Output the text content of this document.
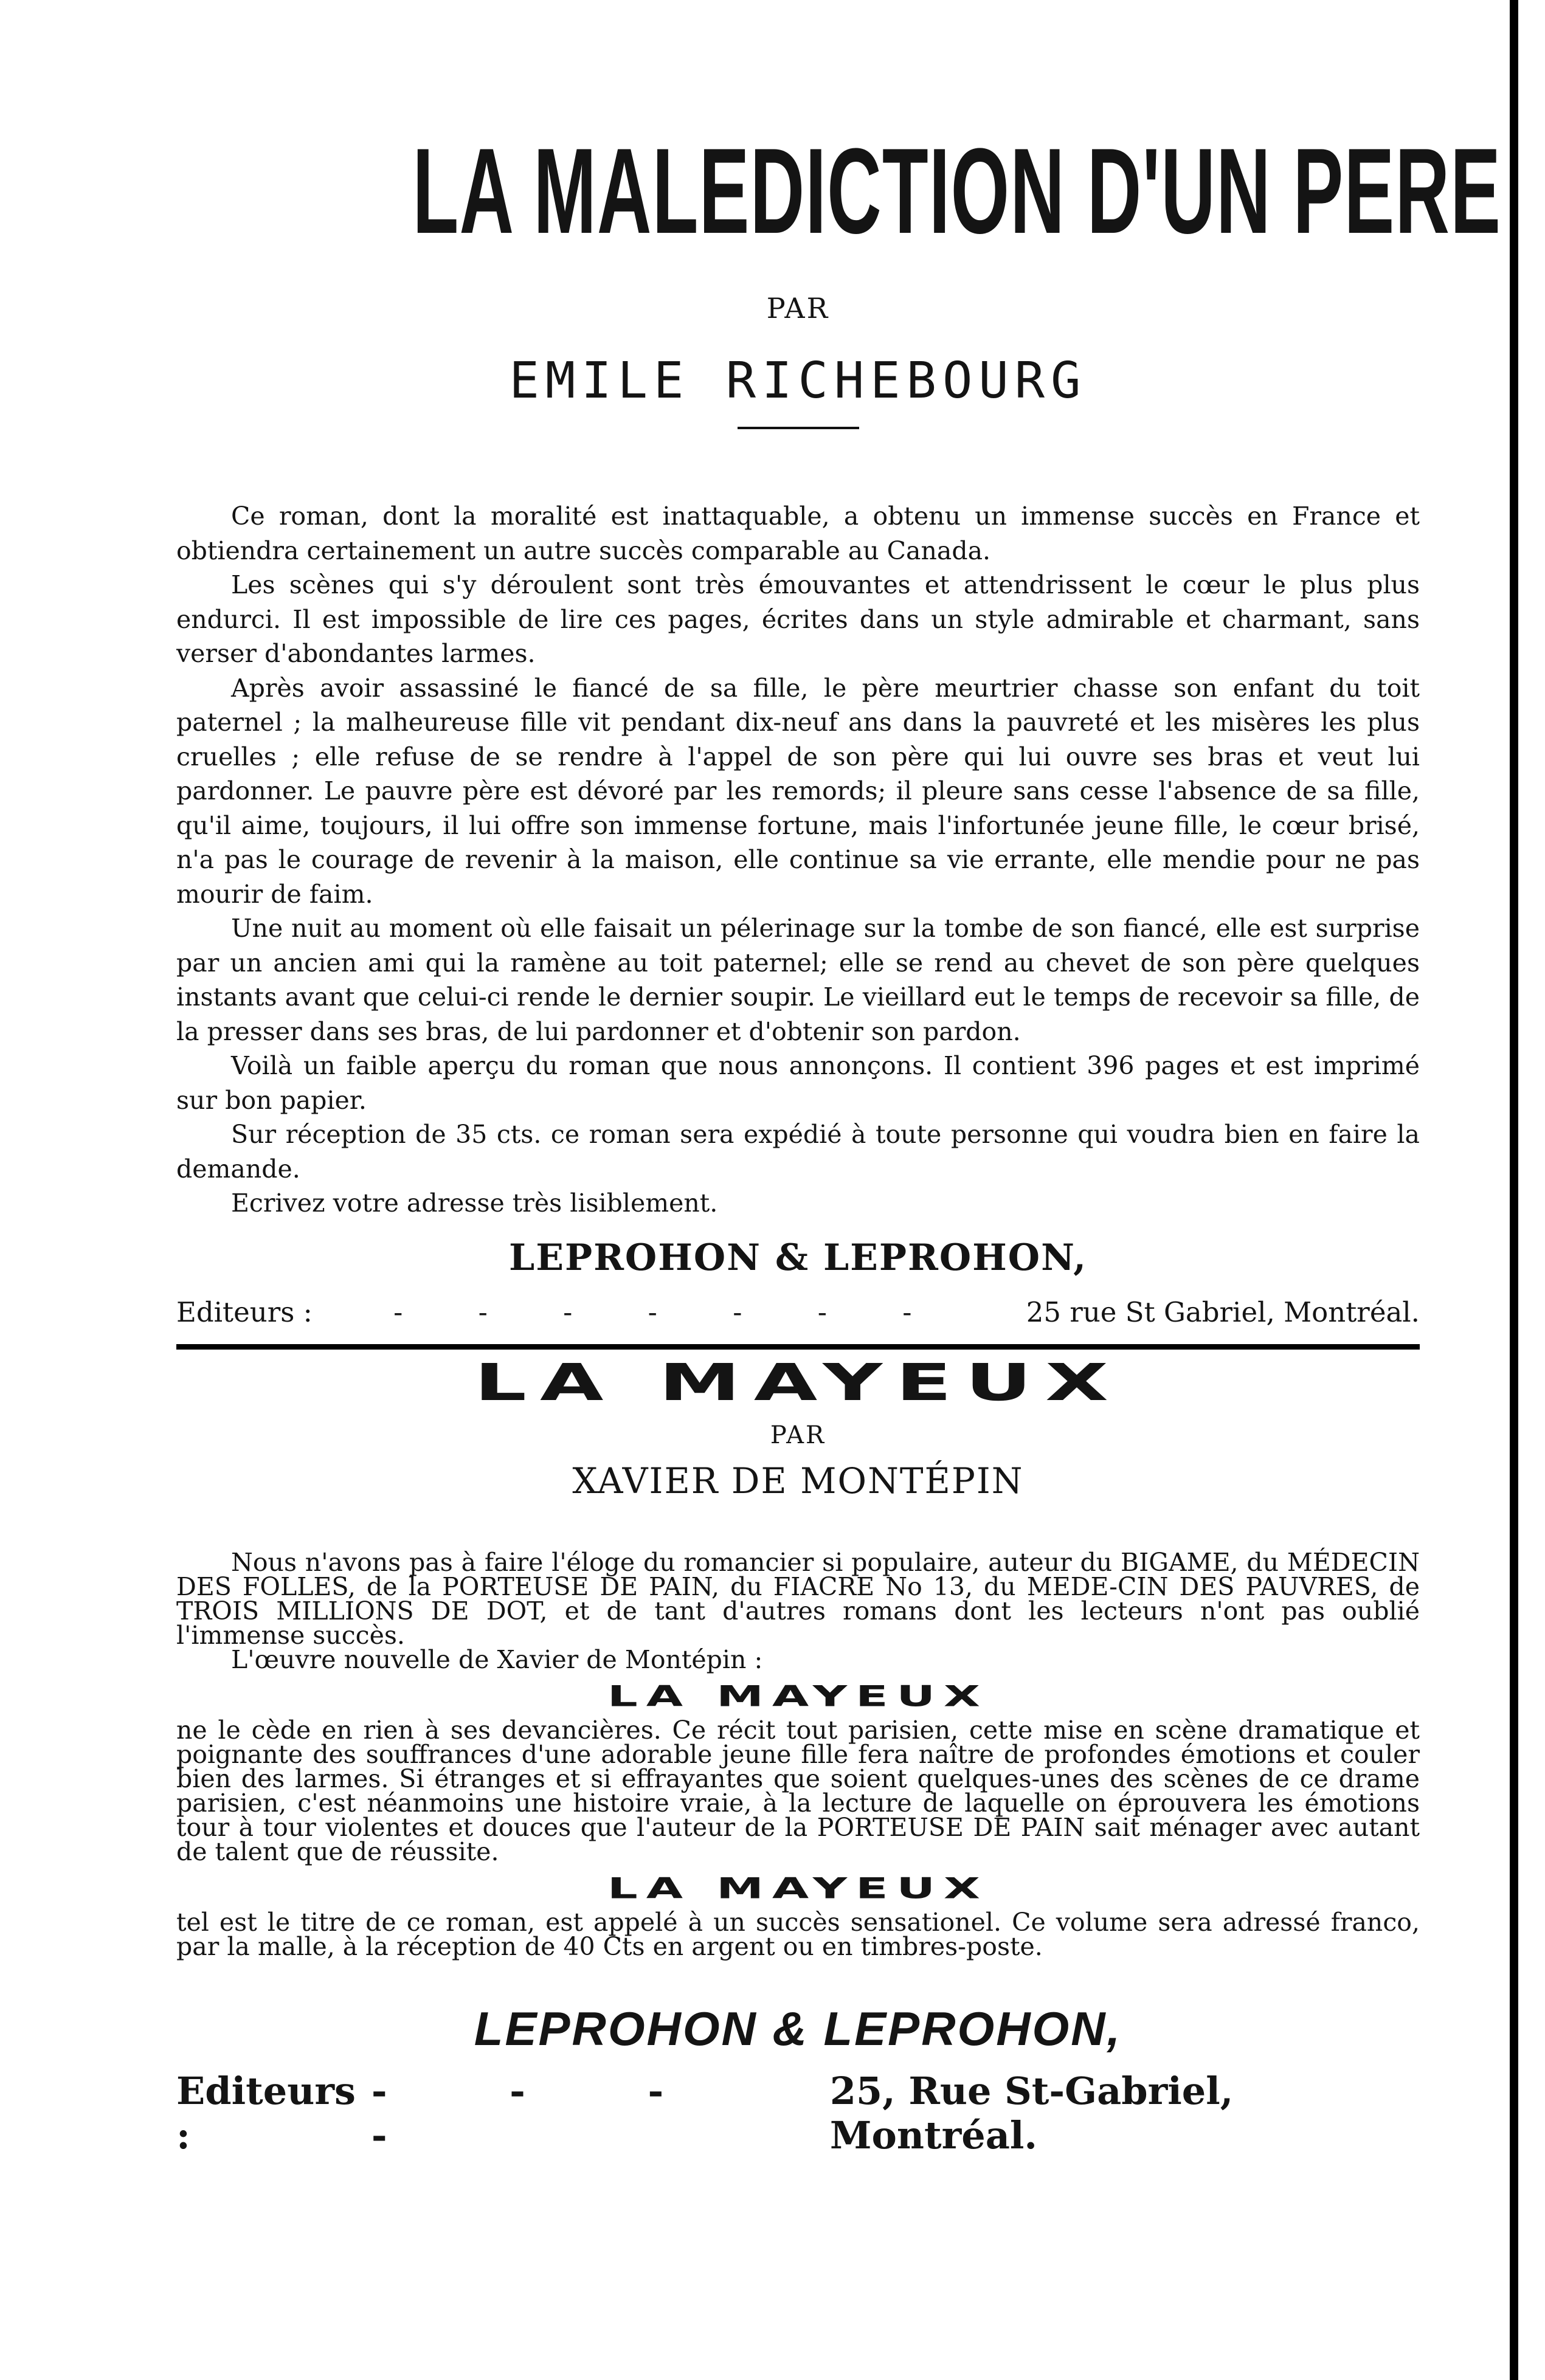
LA MALEDICTION D'UN PERE
PAR
EMILE RICHEBOURG

Ce roman, dont la moralité est inattaquable, a obtenu un immense succès en France et obtiendra certainement un autre succès comparable au Canada.

Les scènes qui s'y déroulent sont très émouvantes et attendrissent le cœur le plus plus endurci. Il est impossible de lire ces pages, écrites dans un style admirable et charmant, sans verser d'abondantes larmes.

Après avoir assassiné le fiancé de sa fille, le père meurtrier chasse son enfant du toit paternel ; la malheureuse fille vit pendant dix-neuf ans dans la pauvreté et les misères les plus cruelles ; elle refuse de se rendre à l'appel de son père qui lui ouvre ses bras et veut lui pardonner. Le pauvre père est dévoré par les remords; il pleure sans cesse l'absence de sa fille, qu'il aime, toujours, il lui offre son immense fortune, mais l'infortunée jeune fille, le cœur brisé, n'a pas le courage de revenir à la maison, elle continue sa vie errante, elle mendie pour ne pas mourir de faim.

Une nuit au moment où elle faisait un pélerinage sur la tombe de son fiancé, elle est surprise par un ancien ami qui la ramène au toit paternel; elle se rend au chevet de son père quelques instants avant que celui-ci rende le dernier soupir. Le vieillard eut le temps de recevoir sa fille, de la presser dans ses bras, de lui pardonner et d'obtenir son pardon.

Voilà un faible aperçu du roman que nous annonçons. Il contient 396 pages et est imprimé sur bon papier.

Sur réception de 35 cts. ce roman sera expédié à toute personne qui voudra bien en faire la demande.

Ecrivez votre adresse très lisiblement.

LEPROHON & LEPROHON,
Editeurs :	- - - - - - -	25 rue St Gabriel, Montréal.
LA MAYEUX
PAR
XAVIER DE MONTÉPIN

Nous n'avons pas à faire l'éloge du romancier si populaire, auteur du BIGAME, du MÉDECIN DES FOLLES, de la PORTEUSE DE PAIN, du FIACRE No 13, du MEDE-CIN DES PAUVRES, de TROIS MILLIONS DE DOT, et de tant d'autres romans dont les lecteurs n'ont pas oublié l'immense succès.

L'œuvre nouvelle de Xavier de Montépin :

LA MAYEUX

ne le cède en rien à ses devancières. Ce récit tout parisien, cette mise en scène dramatique et poignante des souffrances d'une adorable jeune fille fera naître de profondes émotions et couler bien des larmes. Si étranges et si effrayantes que soient quelques-unes des scènes de ce drame parisien, c'est néanmoins une histoire vraie, à la lecture de laquelle on éprouvera les émotions tour à tour violentes et douces que l'auteur de la PORTEUSE DE PAIN sait ménager avec autant de talent que de réussite.

LA MAYEUX

tel est le titre de ce roman, est appelé à un succès sensationel. Ce volume sera adressé franco, par la malle, à la réception de 40 Cts en argent ou en timbres-poste.

LEPROHON & LEPROHON,
Editeurs :
- - - -
25, Rue St-Gabriel, Montréal.
